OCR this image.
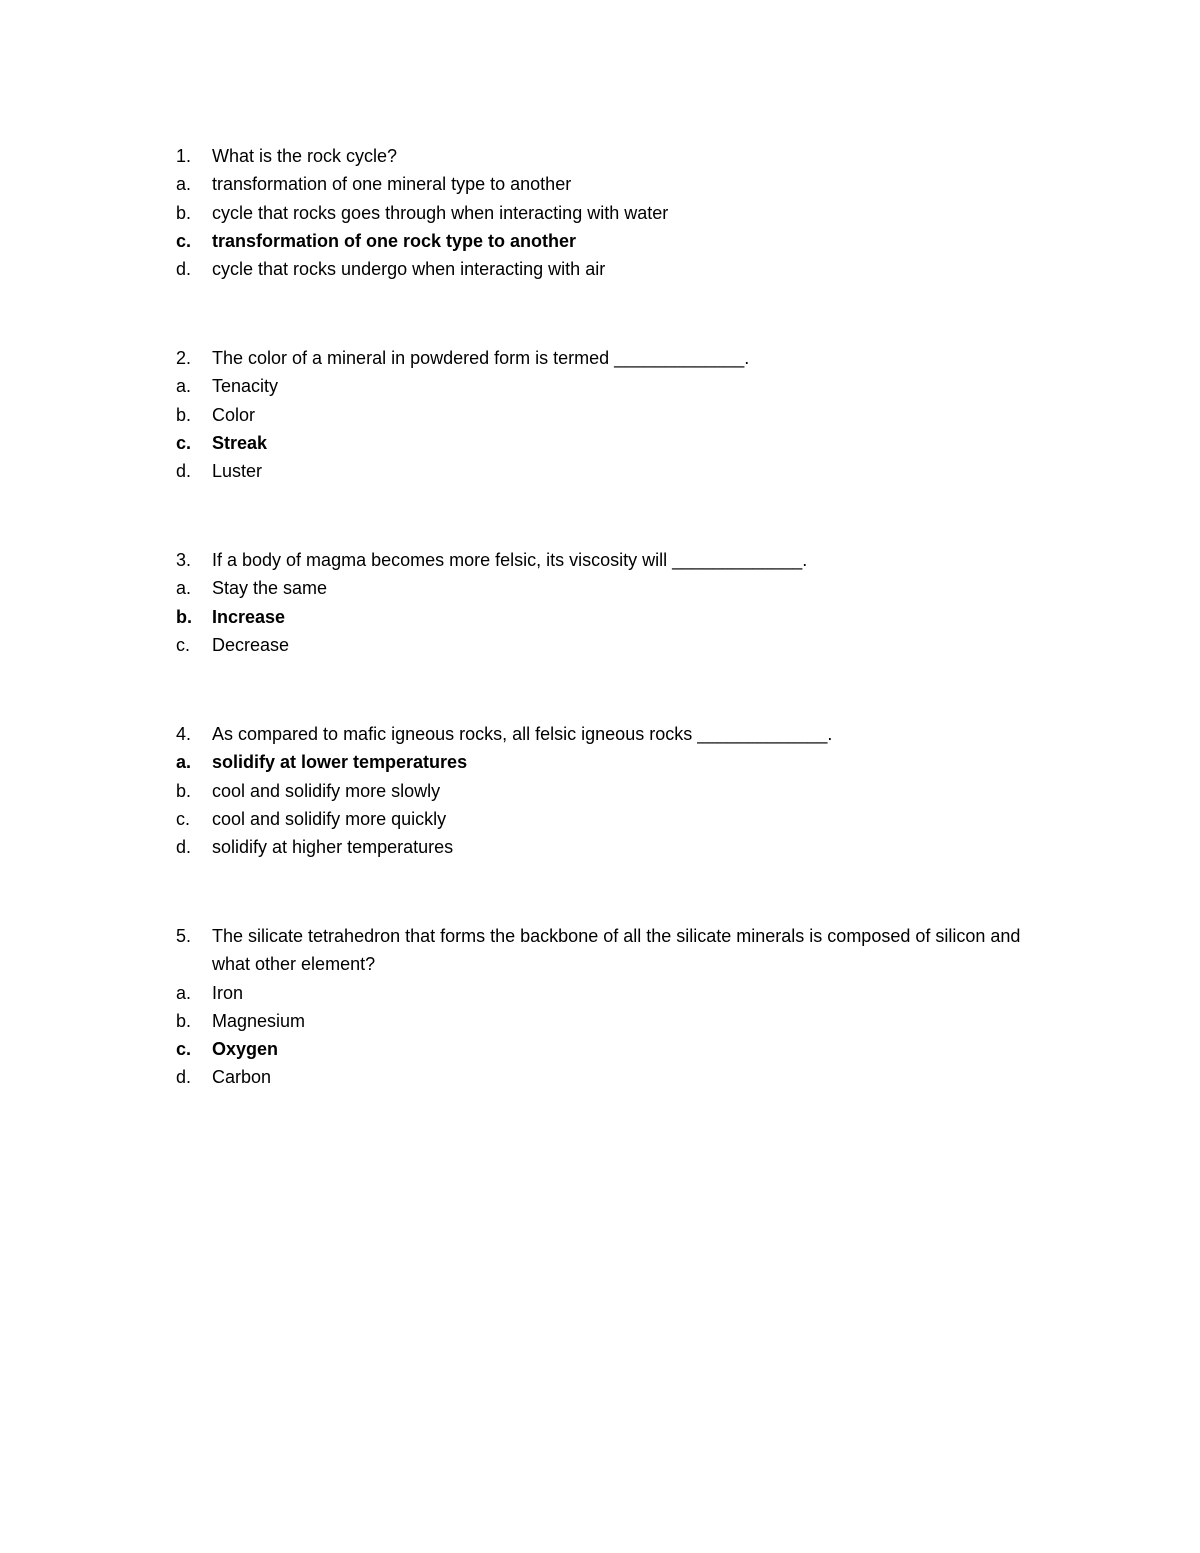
1.	What is the rock cycle?
a.	transformation of one mineral type to another
b.	cycle that rocks goes through when interacting with water
c.	transformation of one rock type to another
d.	cycle that rocks undergo when interacting with air
2.	The color of a mineral in powdered form is termed _____________.
a.	Tenacity
b.	Color
c.	Streak
d.	Luster
3.	If a body of magma becomes more felsic, its viscosity will _____________.
a.	Stay the same
b.	Increase
c.	Decrease
4.	As compared to mafic igneous rocks, all felsic igneous rocks _____________.
a.	solidify at lower temperatures
b.	cool and solidify more slowly
c.	cool and solidify more quickly
d.	solidify at higher temperatures
5.	The silicate tetrahedron that forms the backbone of all the silicate minerals is composed of silicon and what other element?
a.	Iron
b.	Magnesium
c.	Oxygen
d.	Carbon
